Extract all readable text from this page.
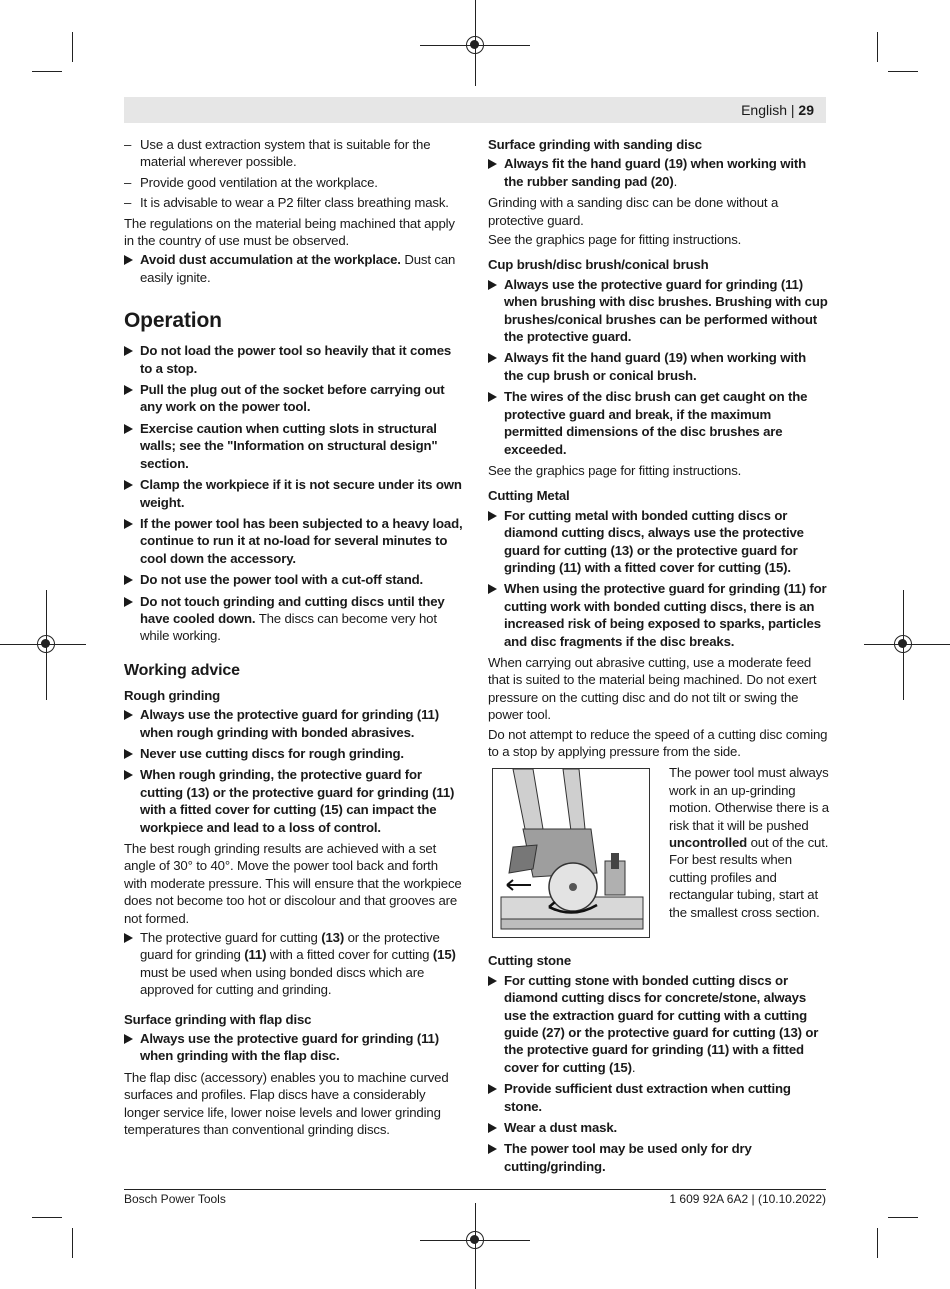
English | 29
– Use a dust extraction system that is suitable for the material wherever possible.
– Provide good ventilation at the workplace.
– It is advisable to wear a P2 filter class breathing mask.
The regulations on the material being machined that apply in the country of use must be observed.
Avoid dust accumulation at the workplace. Dust can easily ignite.
Operation
Do not load the power tool so heavily that it comes to a stop.
Pull the plug out of the socket before carrying out any work on the power tool.
Exercise caution when cutting slots in structural walls; see the "Information on structural design" section.
Clamp the workpiece if it is not secure under its own weight.
If the power tool has been subjected to a heavy load, continue to run it at no-load for several minutes to cool down the accessory.
Do not use the power tool with a cut-off stand.
Do not touch grinding and cutting discs until they have cooled down. The discs can become very hot while working.
Working advice
Rough grinding
Always use the protective guard for grinding (11) when rough grinding with bonded abrasives.
Never use cutting discs for rough grinding.
When rough grinding, the protective guard for cutting (13) or the protective guard for grinding (11) with a fitted cover for cutting (15) can impact the workpiece and lead to a loss of control.
The best rough grinding results are achieved with a set angle of 30° to 40°. Move the power tool back and forth with moderate pressure. This will ensure that the workpiece does not become too hot or discolour and that grooves are not formed.
The protective guard for cutting (13) or the protective guard for grinding (11) with a fitted cover for cutting (15) must be used when using bonded discs which are approved for cutting and grinding.
Surface grinding with flap disc
Always use the protective guard for grinding (11) when grinding with the flap disc.
The flap disc (accessory) enables you to machine curved surfaces and profiles. Flap discs have a considerably longer service life, lower noise levels and lower grinding temperatures than conventional grinding discs.
Surface grinding with sanding disc
Always fit the hand guard (19) when working with the rubber sanding pad (20).
Grinding with a sanding disc can be done without a protective guard.
See the graphics page for fitting instructions.
Cup brush/disc brush/conical brush
Always use the protective guard for grinding (11) when brushing with disc brushes. Brushing with cup brushes/conical brushes can be performed without the protective guard.
Always fit the hand guard (19) when working with the cup brush or conical brush.
The wires of the disc brush can get caught on the protective guard and break, if the maximum permitted dimensions of the disc brushes are exceeded.
See the graphics page for fitting instructions.
Cutting Metal
For cutting metal with bonded cutting discs or diamond cutting discs, always use the protective guard for cutting (13) or the protective guard for grinding (11) with a fitted cover for cutting (15).
When using the protective guard for grinding (11) for cutting work with bonded cutting discs, there is an increased risk of being exposed to sparks, particles and disc fragments if the disc breaks.
When carrying out abrasive cutting, use a moderate feed that is suited to the material being machined. Do not exert pressure on the cutting disc and do not tilt or swing the power tool.
Do not attempt to reduce the speed of a cutting disc coming to a stop by applying pressure from the side.
The power tool must always work in an up-grinding motion. Otherwise there is a risk that it will be pushed uncontrolled out of the cut. For best results when cutting profiles and rectangular tubing, start at the smallest cross section.
Cutting stone
For cutting stone with bonded cutting discs or diamond cutting discs for concrete/stone, always use the extraction guard for cutting with a cutting guide (27) or the protective guard for cutting (13) or the protective guard for grinding (11) with a fitted cover for cutting (15).
Provide sufficient dust extraction when cutting stone.
Wear a dust mask.
The power tool may be used only for dry cutting/grinding.
Bosch Power Tools	1 609 92A 6A2 | (10.10.2022)
